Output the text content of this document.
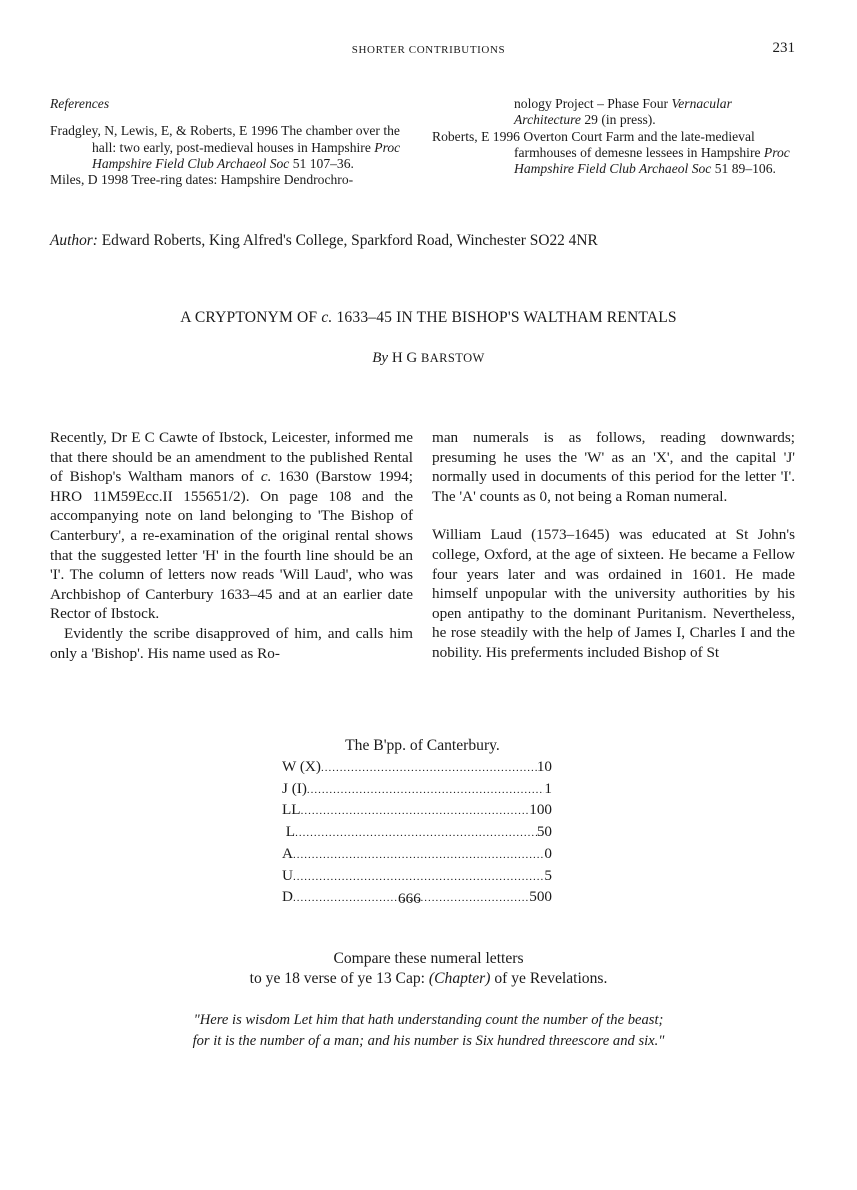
SHORTER CONTRIBUTIONS	231

References

Fradgley, N, Lewis, E, & Roberts, E 1996 The chamber over the hall: two early, post-medieval houses in Hampshire Proc Hampshire Field Club Archaeol Soc 51 107–36.

Miles, D 1998 Tree-ring dates: Hampshire Dendrochro-

nology Project – Phase Four Vernacular Architecture 29 (in press).

Roberts, E 1996 Overton Court Farm and the late-medieval farmhouses of demesne lessees in Hampshire Proc Hampshire Field Club Archaeol Soc 51 89–106.

Author: Edward Roberts, King Alfred's College, Sparkford Road, Winchester SO22 4NR
A CRYPTONYM OF c. 1633–45 IN THE BISHOP'S WALTHAM RENTALS
By H G BARSTOW

Recently, Dr E C Cawte of Ibstock, Leicester, informed me that there should be an amendment to the published Rental of Bishop's Waltham manors of c. 1630 (Barstow 1994; HRO 11M59Ecc.II 155651/2). On page 108 and the accompanying note on land belonging to 'The Bishop of Canterbury', a re-examination of the original rental shows that the suggested letter 'H' in the fourth line should be an 'I'. The column of letters now reads 'Will Laud', who was Archbishop of Canterbury 1633–45 and at an earlier date Rector of Ibstock.

Evidently the scribe disapproved of him, and calls him only a 'Bishop'. His name used as Ro-

man numerals is as follows, reading downwards; presuming he uses the 'W' as an 'X', and the capital 'J' normally used in documents of this period for the letter 'I'. The 'A' counts as 0, not being a Roman numeral.

William Laud (1573–1645) was educated at St John's college, Oxford, at the age of sixteen. He became a Fellow four years later and was ordained in 1601. He made himself unpopular with the university authorities by his open antipathy to the dominant Puritanism. Nevertheless, he rose steadily with the help of James I, Charles I and the nobility. His preferments included Bishop of St

The B'pp. of Canterbury.
W (X) .....	10
J (I) .....	1
LL .....	100
L .....	50
A .....	0
U .....	5
D .....	500
666
Compare these numeral letters
to ye 18 verse of ye 13 Cap: (Chapter) of ye Revelations.
"Here is wisdom Let him that hath understanding count the number of the beast;
for it is the number of a man; and his number is Six hundred threescore and six."
